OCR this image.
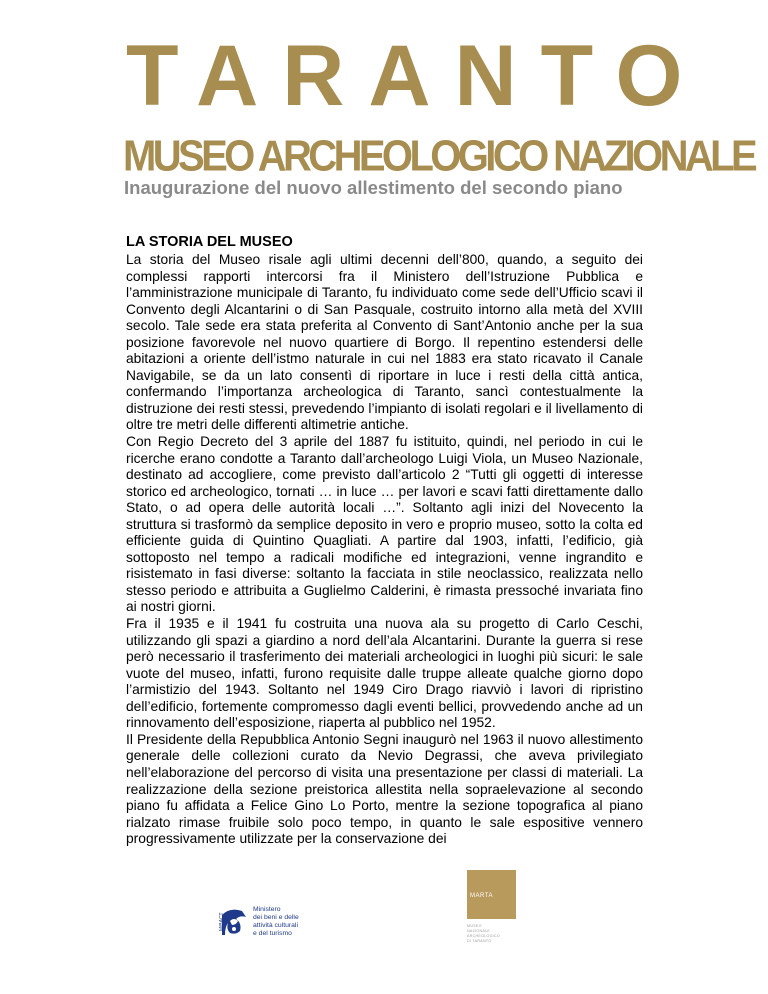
TARANTO
MUSEO ARCHEOLOGICO NAZIONALE
Inaugurazione del nuovo allestimento del secondo piano
LA STORIA DEL MUSEO

La storia del Museo risale agli ultimi decenni dell’800, quando, a seguito dei complessi rapporti intercorsi fra il Ministero dell’Istruzione Pubblica e l’amministrazione municipale di Taranto, fu individuato come sede dell’Ufficio scavi il Convento degli Alcantarini o di San Pasquale, costruito intorno alla metà del XVIII secolo. Tale sede era stata preferita al Convento di Sant’Antonio anche per la sua posizione favorevole nel nuovo quartiere di Borgo. Il repentino estendersi delle abitazioni a oriente dell’istmo naturale in cui nel 1883 era stato ricavato il Canale Navigabile, se da un lato consentì di riportare in luce i resti della città antica, confermando l’importanza archeologica di Taranto, sancì contestualmente la distruzione dei resti stessi, prevedendo l’impianto di isolati regolari e il livellamento di oltre tre metri delle differenti altimetrie antiche.

Con Regio Decreto del 3 aprile del 1887 fu istituito, quindi, nel periodo in cui le ricerche erano condotte a Taranto dall’archeologo Luigi Viola, un Museo Nazionale, destinato ad accogliere, come previsto dall’articolo 2 “Tutti gli oggetti di interesse storico ed archeologico, tornati … in luce … per lavori e scavi fatti direttamente dallo Stato, o ad opera delle autorità locali …”. Soltanto agli inizi del Novecento la struttura si trasformò da semplice deposito in vero e proprio museo, sotto la colta ed efficiente guida di Quintino Quagliati. A partire dal 1903, infatti, l’edificio, già sottoposto nel tempo a radicali modifiche ed integrazioni, venne ingrandito e risistemato in fasi diverse: soltanto la facciata in stile neoclassico, realizzata nello stesso periodo e attribuita a Guglielmo Calderini, è rimasta pressoché invariata fino ai nostri giorni.

Fra il 1935 e il 1941 fu costruita una nuova ala su progetto di Carlo Ceschi, utilizzando gli spazi a giardino a nord dell’ala Alcantarini. Durante la guerra si rese però necessario il trasferimento dei materiali archeologici in luoghi più sicuri: le sale vuote del museo, infatti, furono requisite dalle truppe alleate qualche giorno dopo l’armistizio del 1943. Soltanto nel 1949 Ciro Drago riavviò i lavori di ripristino dell’edificio, fortemente compromesso dagli eventi bellici, provvedendo anche ad un rinnovamento dell’esposizione, riaperta al pubblico nel 1952.

Il Presidente della Repubblica Antonio Segni inaugurò nel 1963 il nuovo allestimento generale delle collezioni curato da Nevio Degrassi, che aveva privilegiato nell’elaborazione del percorso di visita una presentazione per classi di materiali. La realizzazione della sezione preistorica allestita nella sopraelevazione al secondo piano fu affidata a Felice Gino Lo Porto, mentre la sezione topografica al piano rialzato rimase fruibile solo poco tempo, in quanto le sale espositive vennero progressivamente utilizzate per la conservazione dei

MiBACT
Ministero
dei beni e delle
attività culturali
e del turismo
MARTA
MUSEO
NAZIONALE
ARCHEOLOGICO
DI TARANTO
